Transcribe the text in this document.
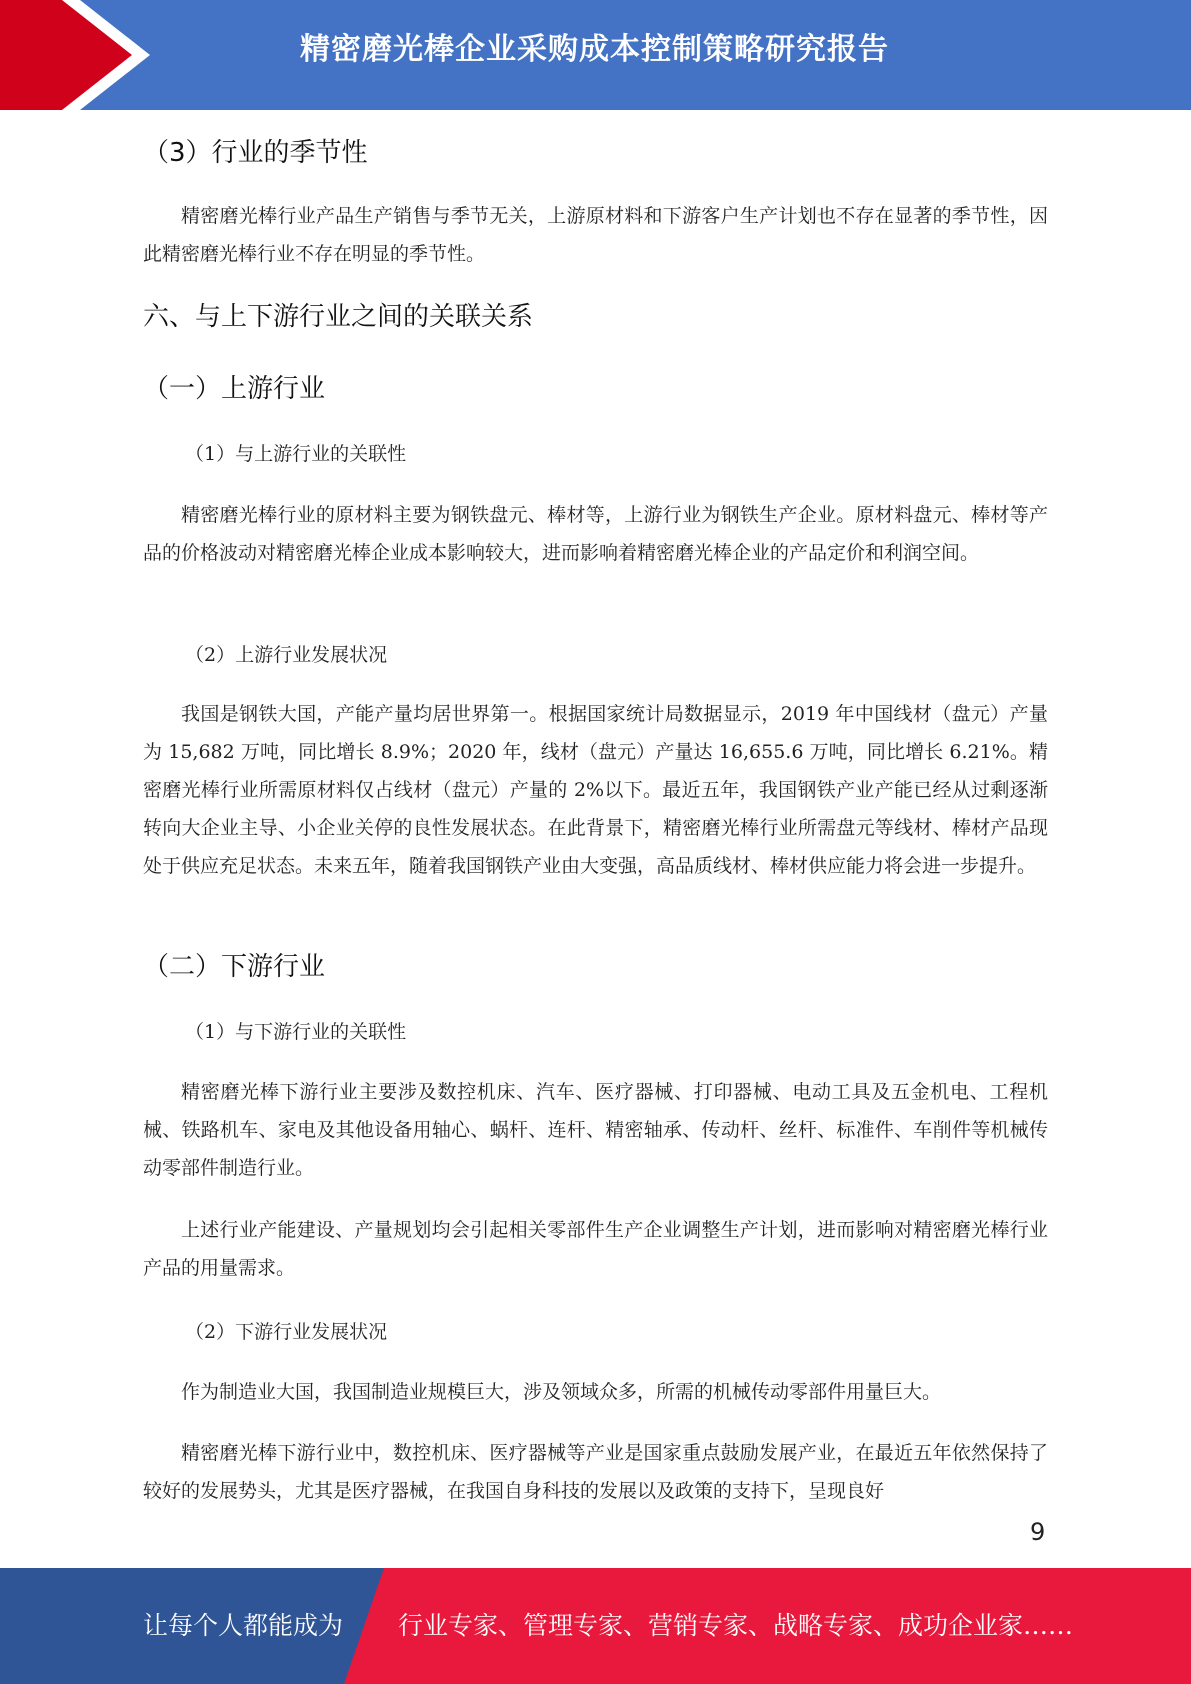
精密磨光棒企业采购成本控制策略研究报告
（3）行业的季节性

精密磨光棒行业产品生产销售与季节无关，上游原材料和下游客户生产计划也不存在显著的季节性，因此精密磨光棒行业不存在明显的季节性。

六、与上下游行业之间的关联关系
（一）上游行业
（1）与上游行业的关联性

精密磨光棒行业的原材料主要为钢铁盘元、棒材等，上游行业为钢铁生产企业。原材料盘元、棒材等产品的价格波动对精密磨光棒企业成本影响较大，进而影响着精密磨光棒企业的产品定价和利润空间。

（2）上游行业发展状况

我国是钢铁大国，产能产量均居世界第一。根据国家统计局数据显示，2019 年中国线材（盘元）产量为 15,682 万吨，同比增长 8.9%；2020 年，线材（盘元）产量达 16,655.6 万吨，同比增长 6.21%。精密磨光棒行业所需原材料仅占线材（盘元）产量的 2%以下。最近五年，我国钢铁产业产能已经从过剩逐渐转向大企业主导、小企业关停的良性发展状态。在此背景下，精密磨光棒行业所需盘元等线材、棒材产品现处于供应充足状态。未来五年，随着我国钢铁产业由大变强，高品质线材、棒材供应能力将会进一步提升。

（二）下游行业
（1）与下游行业的关联性

精密磨光棒下游行业主要涉及数控机床、汽车、医疗器械、打印器械、电动工具及五金机电、工程机械、铁路机车、家电及其他设备用轴心、蜗杆、连杆、精密轴承、传动杆、丝杆、标准件、车削件等机械传动零部件制造行业。

上述行业产能建设、产量规划均会引起相关零部件生产企业调整生产计划，进而影响对精密磨光棒行业产品的用量需求。

（2）下游行业发展状况

作为制造业大国，我国制造业规模巨大，涉及领域众多，所需的机械传动零部件用量巨大。

精密磨光棒下游行业中，数控机床、医疗器械等产业是国家重点鼓励发展产业，在最近五年依然保持了较好的发展势头，尤其是医疗器械，在我国自身科技的发展以及政策的支持下，呈现良好

9
让每个人都能成为 行业专家、管理专家、营销专家、战略专家、成功企业家……
